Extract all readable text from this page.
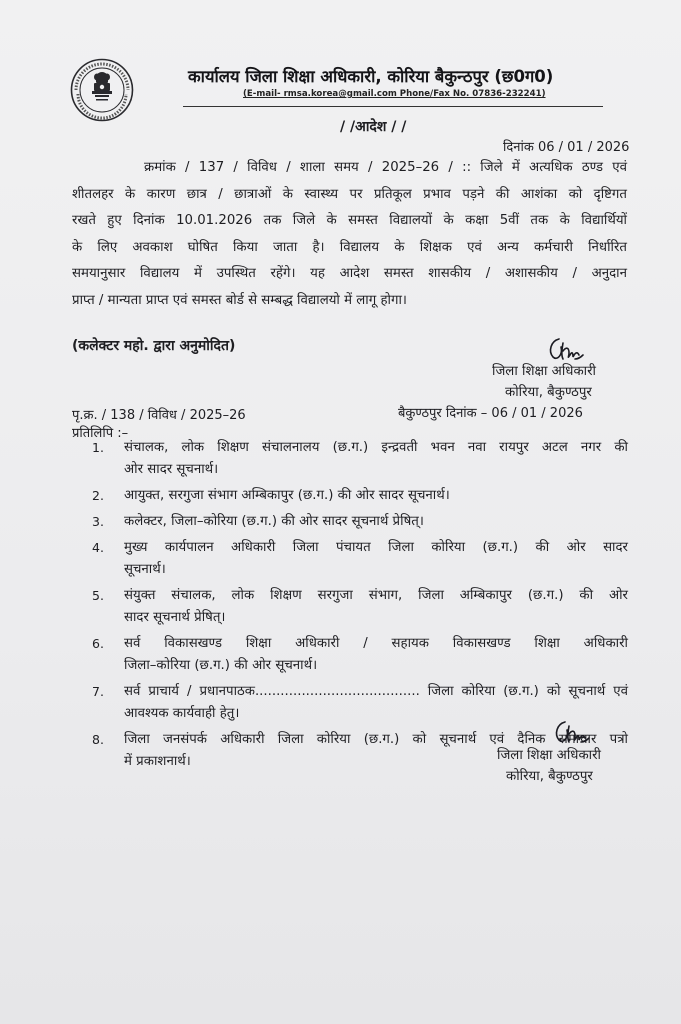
कार्यालय जिला शिक्षा अधिकारी, कोरिया बैकुन्ठपुर (छ0ग0)
(E-mail- rmsa.korea@gmail.com Phone/Fax No. 07836-232241)
/ /आदेश / /
दिनांक 06 / 01 / 2026
क्रमांक / 137 / विविध / शाला समय / 2025–26 / :: जिले में अत्यधिक ठण्ड एवं
शीतलहर के कारण छात्र / छात्राओं के स्वास्थ्य पर प्रतिकूल प्रभाव पड़ने की आशंका को दृष्टिगत
रखते हुए दिनांक 10.01.2026 तक जिले के समस्त विद्यालयों के कक्षा 5वीं तक के विद्यार्थियों
के लिए अवकाश घोषित किया जाता है। विद्यालय के शिक्षक एवं अन्य कर्मचारी निर्धारित
समयानुसार विद्यालय में उपस्थित रहेंगे। यह आदेश समस्त शासकीय / अशासकीय / अनुदान
प्राप्त / मान्यता प्राप्त एवं समस्त बोर्ड से सम्बद्ध विद्यालयो में लागू होगा।
(कलेक्टर महो. द्वारा अनुमोदित)
जिला शिक्षा अधिकारी
कोरिया, बैकुण्ठपुर
पृ.क्र. / 138 / विविध / 2025–26	बैकुण्ठपुर दिनांक – 06 / 01 / 2026
प्रतिलिपि :–
1. संचालक, लोक शिक्षण संचालनालय (छ.ग.) इन्द्रवती भवन नवा रायपुर अटल नगर की
ओर सादर सूचनार्थ।
2. आयुक्त, सरगुजा संभाग अम्बिकापुर (छ.ग.) की ओर सादर सूचनार्थ।
3. कलेक्टर, जिला–कोरिया (छ.ग.) की ओर सादर सूचनार्थ प्रेषित्।
4. मुख्य कार्यपालन अधिकारी जिला पंचायत जिला कोरिया (छ.ग.) की ओर सादर
सूचनार्थ।
5. संयुक्त संचालक, लोक शिक्षण सरगुजा संभाग, जिला अम्बिकापुर (छ.ग.) की ओर
सादर सूचनार्थ प्रेषित्।
6. सर्व विकासखण्ड शिक्षा अधिकारी / सहायक विकासखण्ड शिक्षा अधिकारी
जिला–कोरिया (छ.ग.) की ओर सूचनार्थ।
7. सर्व प्राचार्य / प्रधानपाठक....................................... जिला कोरिया (छ.ग.) को सूचनार्थ एवं
आवश्यक कार्यवाही हेतु।
8. जिला जनसंपर्क अधिकारी जिला कोरिया (छ.ग.) को सूचनार्थ एवं दैनिक समाचार पत्रो
में प्रकाशनार्थ।	जिला शिक्षा अधिकारी
कोरिया, बैकुण्ठपुर
